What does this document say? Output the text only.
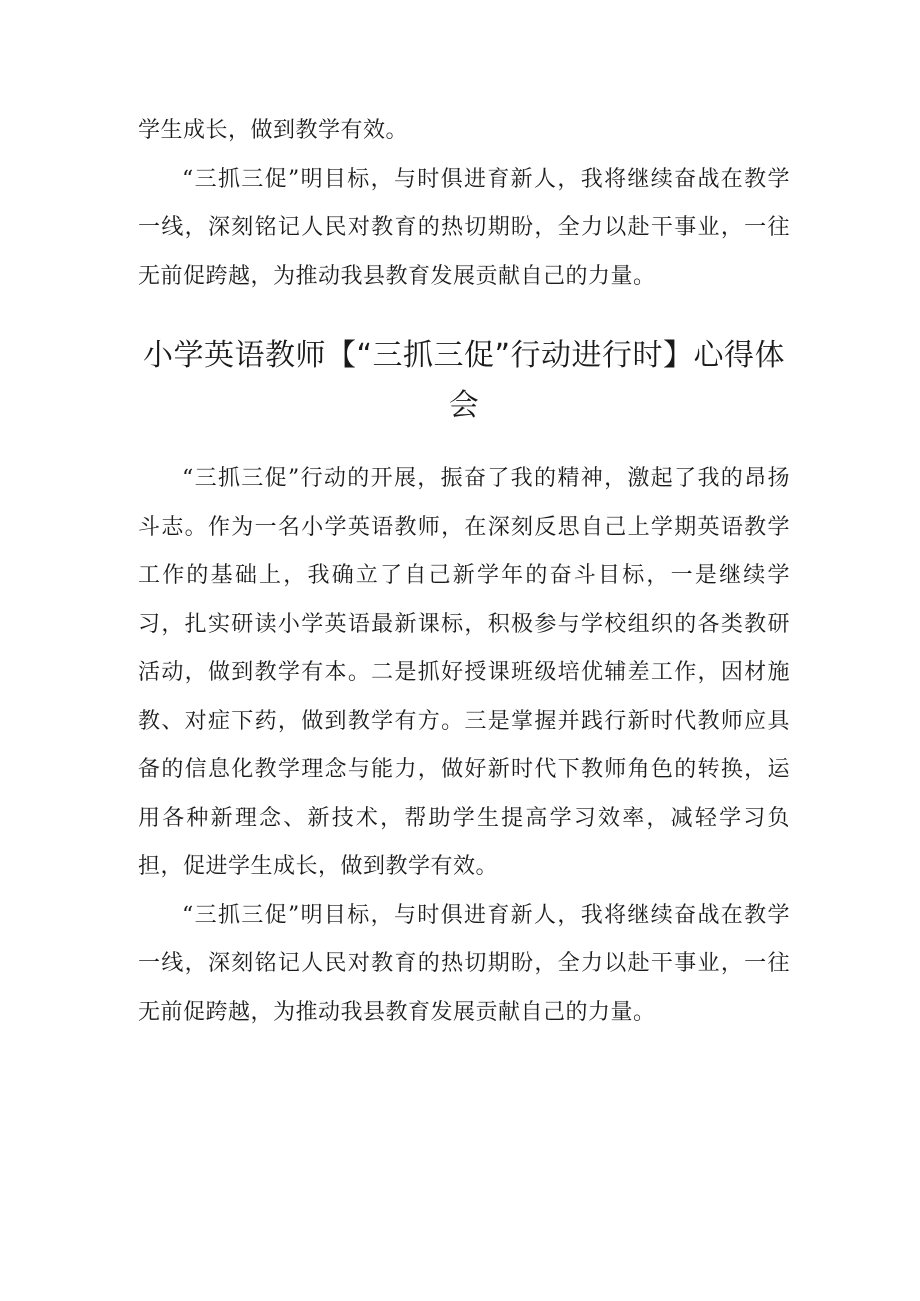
学生成长，做到教学有效。

“三抓三促”明目标，与时俱进育新人，我将继续奋战在教学一线，深刻铭记人民对教育的热切期盼，全力以赴干事业，一往无前促跨越，为推动我县教育发展贡献自己的力量。

小学英语教师【“三抓三促”行动进行时】心得体会

“三抓三促”行动的开展，振奋了我的精神，激起了我的昂扬斗志。作为一名小学英语教师，在深刻反思自己上学期英语教学工作的基础上，我确立了自己新学年的奋斗目标，一是继续学习，扎实研读小学英语最新课标，积极参与学校组织的各类教研活动，做到教学有本。二是抓好授课班级培优辅差工作，因材施教、对症下药，做到教学有方。三是掌握并践行新时代教师应具备的信息化教学理念与能力，做好新时代下教师角色的转换，运用各种新理念、新技术，帮助学生提高学习效率，减轻学习负担，促进学生成长，做到教学有效。

“三抓三促”明目标，与时俱进育新人，我将继续奋战在教学一线，深刻铭记人民对教育的热切期盼，全力以赴干事业，一往无前促跨越，为推动我县教育发展贡献自己的力量。
